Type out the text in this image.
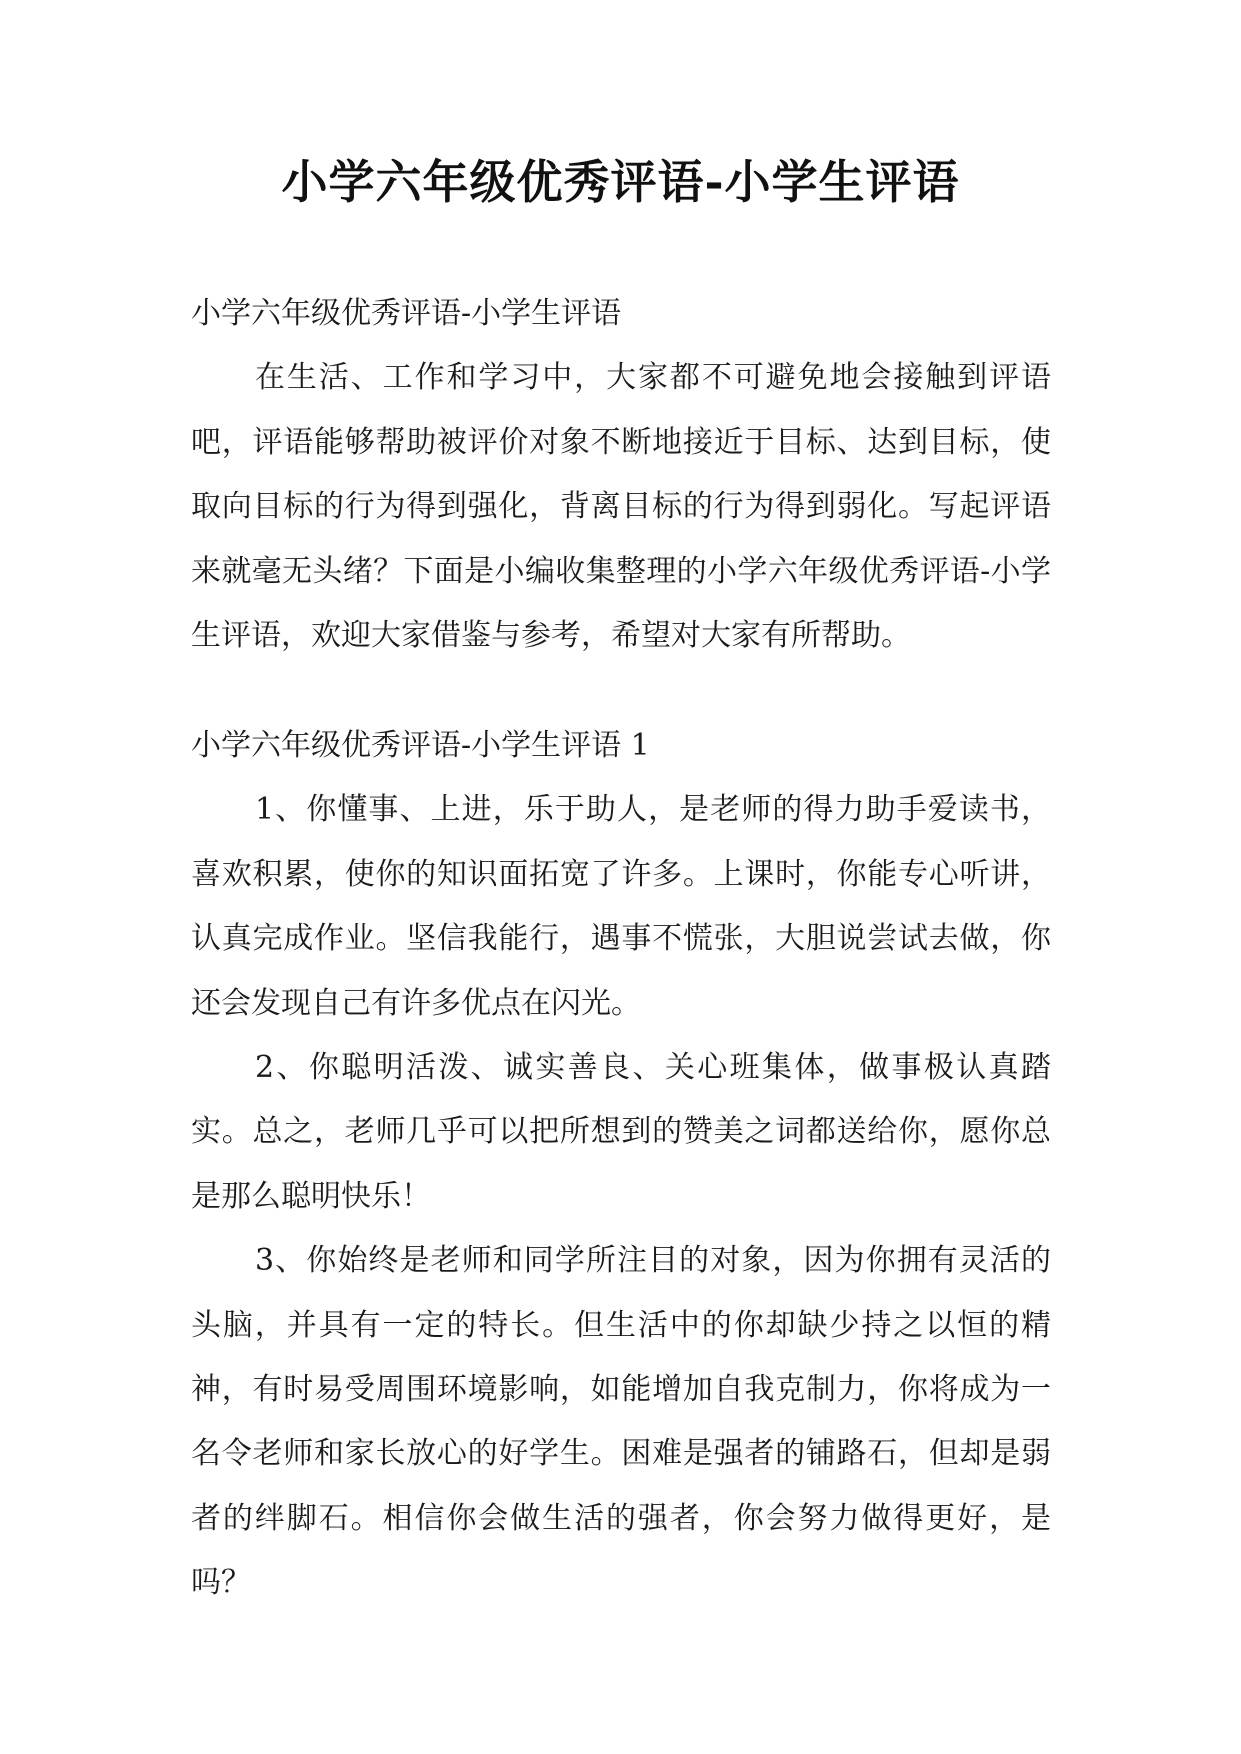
小学六年级优秀评语-小学生评语

小学六年级优秀评语-小学生评语

在生活、工作和学习中，大家都不可避免地会接触到评语吧，评语能够帮助被评价对象不断地接近于目标、达到目标，使取向目标的行为得到强化，背离目标的行为得到弱化。写起评语来就毫无头绪？下面是小编收集整理的小学六年级优秀评语-小学生评语，欢迎大家借鉴与参考，希望对大家有所帮助。

小学六年级优秀评语-小学生评语 1

1、你懂事、上进，乐于助人，是老师的得力助手爱读书，喜欢积累，使你的知识面拓宽了许多。上课时，你能专心听讲，认真完成作业。坚信我能行，遇事不慌张，大胆说尝试去做，你还会发现自己有许多优点在闪光。

2、你聪明活泼、诚实善良、关心班集体，做事极认真踏实。总之，老师几乎可以把所想到的赞美之词都送给你，愿你总是那么聪明快乐！

3、你始终是老师和同学所注目的对象，因为你拥有灵活的头脑，并具有一定的特长。但生活中的你却缺少持之以恒的精神，有时易受周围环境影响，如能增加自我克制力，你将成为一名令老师和家长放心的好学生。困难是强者的铺路石，但却是弱者的绊脚石。相信你会做生活的强者，你会努力做得更好，是吗？
